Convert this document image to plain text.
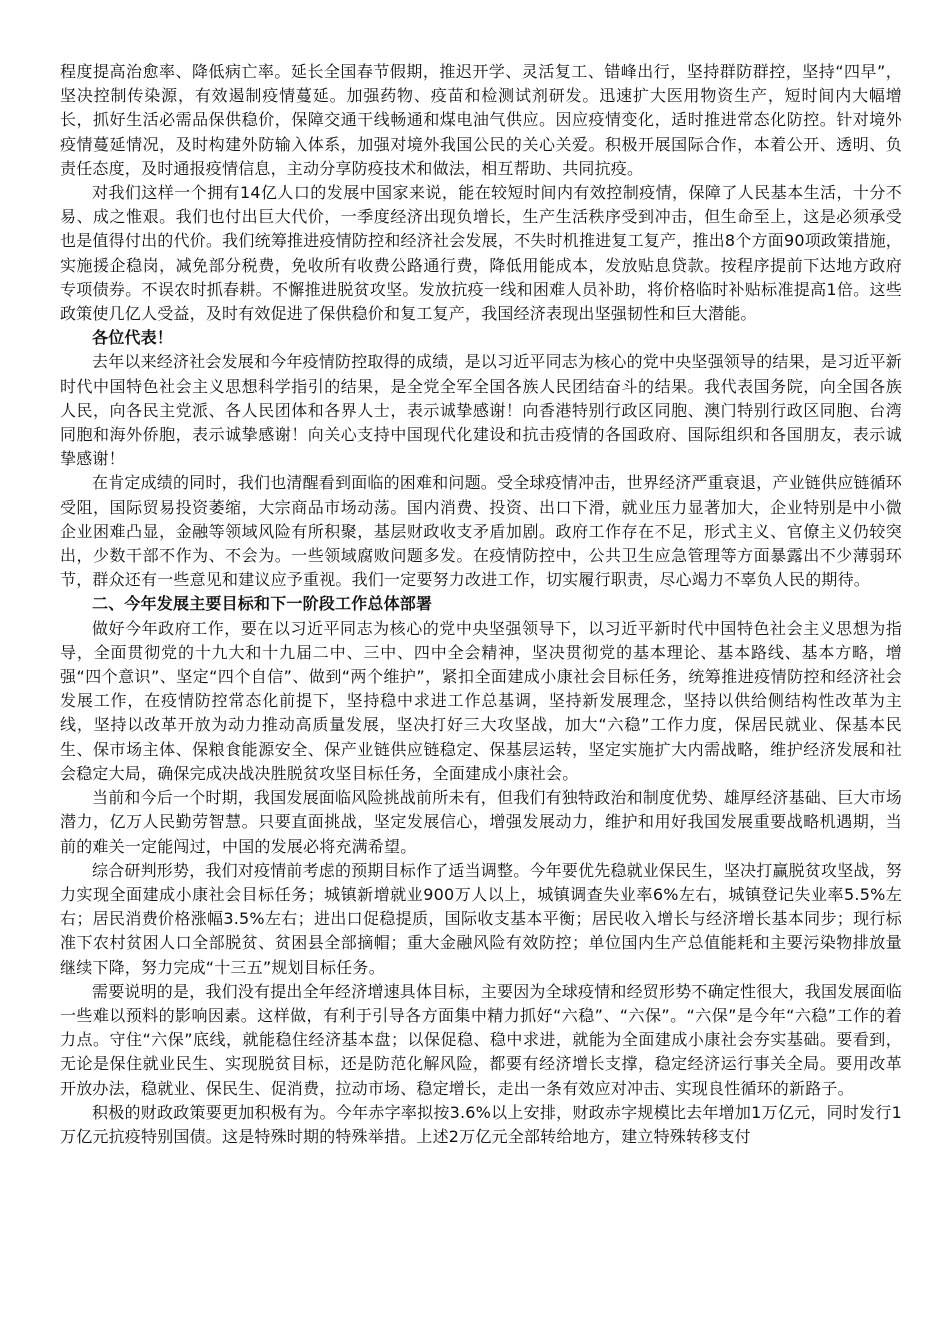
程度提高治愈率、降低病亡率。延长全国春节假期，推迟开学、灵活复工、错峰出行，坚持群防群控，坚持“四早”，坚决控制传染源，有效遏制疫情蔓延。加强药物、疫苗和检测试剂研发。迅速扩大医用物资生产，短时间内大幅增长，抓好生活必需品保供稳价，保障交通干线畅通和煤电油气供应。因应疫情变化，适时推进常态化防控。针对境外疫情蔓延情况，及时构建外防输入体系，加强对境外我国公民的关心关爱。积极开展国际合作，本着公开、透明、负责任态度，及时通报疫情信息，主动分享防疫技术和做法，相互帮助、共同抗疫。

对我们这样一个拥有14亿人口的发展中国家来说，能在较短时间内有效控制疫情，保障了人民基本生活，十分不易、成之惟艰。我们也付出巨大代价，一季度经济出现负增长，生产生活秩序受到冲击，但生命至上，这是必须承受也是值得付出的代价。我们统筹推进疫情防控和经济社会发展，不失时机推进复工复产，推出8个方面90项政策措施，实施援企稳岗，减免部分税费，免收所有收费公路通行费，降低用能成本，发放贴息贷款。按程序提前下达地方政府专项债券。不误农时抓春耕。不懈推进脱贫攻坚。发放抗疫一线和困难人员补助，将价格临时补贴标准提高1倍。这些政策使几亿人受益，及时有效促进了保供稳价和复工复产，我国经济表现出坚强韧性和巨大潜能。

各位代表！

去年以来经济社会发展和今年疫情防控取得的成绩，是以习近平同志为核心的党中央坚强领导的结果，是习近平新时代中国特色社会主义思想科学指引的结果，是全党全军全国各族人民团结奋斗的结果。我代表国务院，向全国各族人民，向各民主党派、各人民团体和各界人士，表示诚挚感谢！向香港特别行政区同胞、澳门特别行政区同胞、台湾同胞和海外侨胞，表示诚挚感谢！向关心支持中国现代化建设和抗击疫情的各国政府、国际组织和各国朋友，表示诚挚感谢！

在肯定成绩的同时，我们也清醒看到面临的困难和问题。受全球疫情冲击，世界经济严重衰退，产业链供应链循环受阻，国际贸易投资萎缩，大宗商品市场动荡。国内消费、投资、出口下滑，就业压力显著加大，企业特别是中小微企业困难凸显，金融等领域风险有所积聚，基层财政收支矛盾加剧。政府工作存在不足，形式主义、官僚主义仍较突出，少数干部不作为、不会为。一些领域腐败问题多发。在疫情防控中，公共卫生应急管理等方面暴露出不少薄弱环节，群众还有一些意见和建议应予重视。我们一定要努力改进工作，切实履行职责，尽心竭力不辜负人民的期待。

二、今年发展主要目标和下一阶段工作总体部署

做好今年政府工作，要在以习近平同志为核心的党中央坚强领导下，以习近平新时代中国特色社会主义思想为指导，全面贯彻党的十九大和十九届二中、三中、四中全会精神，坚决贯彻党的基本理论、基本路线、基本方略，增强“四个意识”、坚定“四个自信”、做到“两个维护”，紧扣全面建成小康社会目标任务，统筹推进疫情防控和经济社会发展工作，在疫情防控常态化前提下，坚持稳中求进工作总基调，坚持新发展理念，坚持以供给侧结构性改革为主线，坚持以改革开放为动力推动高质量发展，坚决打好三大攻坚战，加大“六稳”工作力度，保居民就业、保基本民生、保市场主体、保粮食能源安全、保产业链供应链稳定、保基层运转，坚定实施扩大内需战略，维护经济发展和社会稳定大局，确保完成决战决胜脱贫攻坚目标任务，全面建成小康社会。

当前和今后一个时期，我国发展面临风险挑战前所未有，但我们有独特政治和制度优势、雄厚经济基础、巨大市场潜力，亿万人民勤劳智慧。只要直面挑战，坚定发展信心，增强发展动力，维护和用好我国发展重要战略机遇期，当前的难关一定能闯过，中国的发展必将充满希望。

综合研判形势，我们对疫情前考虑的预期目标作了适当调整。今年要优先稳就业保民生，坚决打赢脱贫攻坚战，努力实现全面建成小康社会目标任务；城镇新增就业900万人以上，城镇调查失业率6%左右，城镇登记失业率5.5%左右；居民消费价格涨幅3.5%左右；进出口促稳提质，国际收支基本平衡；居民收入增长与经济增长基本同步；现行标准下农村贫困人口全部脱贫、贫困县全部摘帽；重大金融风险有效防控；单位国内生产总值能耗和主要污染物排放量继续下降，努力完成“十三五”规划目标任务。

需要说明的是，我们没有提出全年经济增速具体目标，主要因为全球疫情和经贸形势不确定性很大，我国发展面临一些难以预料的影响因素。这样做，有利于引导各方面集中精力抓好“六稳”、“六保”。“六保”是今年“六稳”工作的着力点。守住“六保”底线，就能稳住经济基本盘；以保促稳、稳中求进，就能为全面建成小康社会夯实基础。要看到，无论是保住就业民生、实现脱贫目标，还是防范化解风险，都要有经济增长支撑，稳定经济运行事关全局。要用改革开放办法，稳就业、保民生、促消费，拉动市场、稳定增长，走出一条有效应对冲击、实现良性循环的新路子。

积极的财政政策要更加积极有为。今年赤字率拟按3.6%以上安排，财政赤字规模比去年增加1万亿元，同时发行1万亿元抗疫特别国债。这是特殊时期的特殊举措。上述2万亿元全部转给地方，建立特殊转移支付
